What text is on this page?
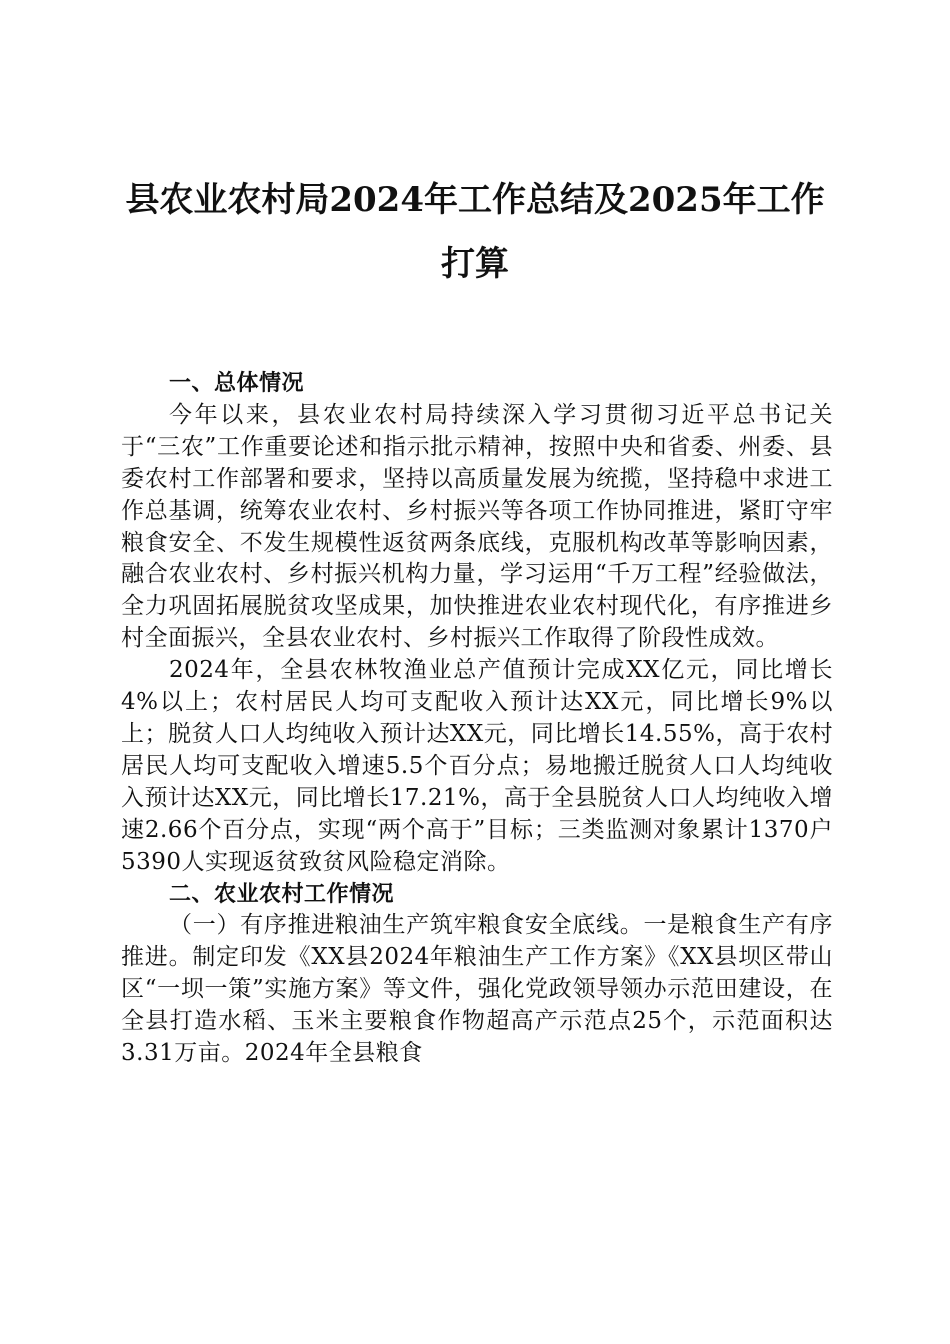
县农业农村局2024年工作总结及2025年工作
打算

一、总体情况

今年以来，县农业农村局持续深入学习贯彻习近平总书记关于“三农”工作重要论述和指示批示精神，按照中央和省委、州委、县委农村工作部署和要求，坚持以高质量发展为统揽，坚持稳中求进工作总基调，统筹农业农村、乡村振兴等各项工作协同推进，紧盯守牢粮食安全、不发生规模性返贫两条底线，克服机构改革等影响因素，融合农业农村、乡村振兴机构力量，学习运用“千万工程”经验做法，全力巩固拓展脱贫攻坚成果，加快推进农业农村现代化，有序推进乡村全面振兴，全县农业农村、乡村振兴工作取得了阶段性成效。

2024年，全县农林牧渔业总产值预计完成XX亿元，同比增长4%以上；农村居民人均可支配收入预计达XX元，同比增长9%以上；脱贫人口人均纯收入预计达XX元，同比增长14.55%，高于农村居民人均可支配收入增速5.5个百分点；易地搬迁脱贫人口人均纯收入预计达XX元，同比增长17.21%，高于全县脱贫人口人均纯收入增速2.66个百分点，实现“两个高于”目标；三类监测对象累计1370户5390人实现返贫致贫风险稳定消除。

二、农业农村工作情况

（一）有序推进粮油生产筑牢粮食安全底线。一是粮食生产有序推进。制定印发《XX县2024年粮油生产工作方案》《XX县坝区带山区“一坝一策”实施方案》等文件，强化党政领导领办示范田建设，在全县打造水稻、玉米主要粮食作物超高产示范点25个，示范面积达3.31万亩。2024年全县粮食
